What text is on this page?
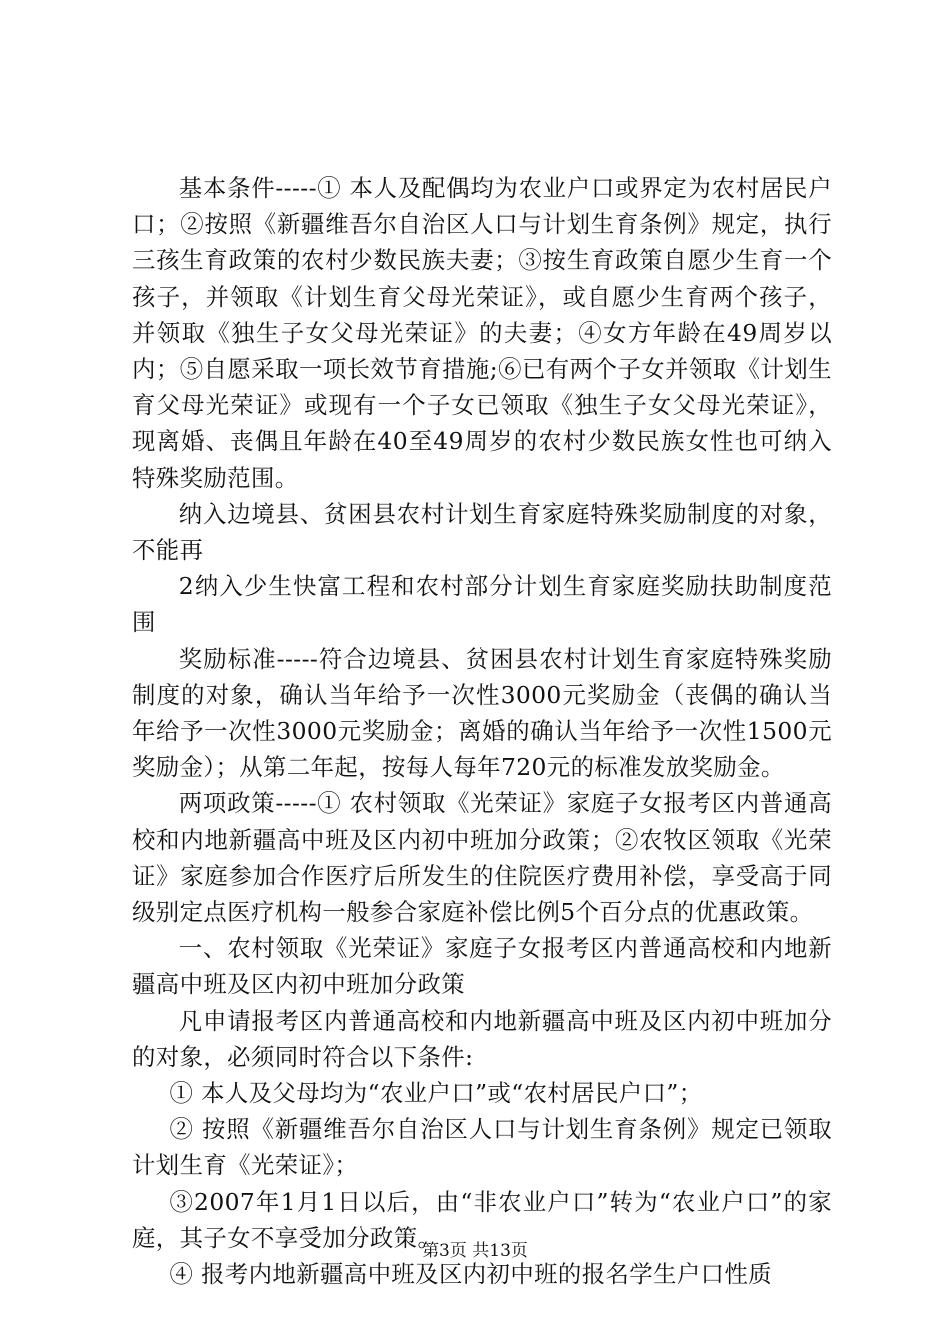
基本条件-----① 本人及配偶均为农业户口或界定为农村居民户口；②按照《新疆维吾尔自治区人口与计划生育条例》规定，执行三孩生育政策的农村少数民族夫妻；③按生育政策自愿少生育一个孩子，并领取《计划生育父母光荣证》，或自愿少生育两个孩子，并领取《独生子女父母光荣证》的夫妻；④女方年龄在49周岁以内；⑤自愿采取一项长效节育措施;⑥已有两个子女并领取《计划生育父母光荣证》或现有一个子女已领取《独生子女父母光荣证》，现离婚、丧偶且年龄在40至49周岁的农村少数民族女性也可纳入特殊奖励范围。

纳入边境县、贫困县农村计划生育家庭特殊奖励制度的对象，不能再

2纳入少生快富工程和农村部分计划生育家庭奖励扶助制度范围

奖励标准-----符合边境县、贫困县农村计划生育家庭特殊奖励制度的对象，确认当年给予一次性3000元奖励金（丧偶的确认当年给予一次性3000元奖励金；离婚的确认当年给予一次性1500元奖励金）；从第二年起，按每人每年720元的标准发放奖励金。

两项政策-----① 农村领取《光荣证》家庭子女报考区内普通高校和内地新疆高中班及区内初中班加分政策；②农牧区领取《光荣证》家庭参加合作医疗后所发生的住院医疗费用补偿，享受高于同级别定点医疗机构一般参合家庭补偿比例5个百分点的优惠政策。

一、农村领取《光荣证》家庭子女报考区内普通高校和内地新疆高中班及区内初中班加分政策

凡申请报考区内普通高校和内地新疆高中班及区内初中班加分的对象，必须同时符合以下条件:

① 本人及父母均为“农业户口”或“农村居民户口”；

② 按照《新疆维吾尔自治区人口与计划生育条例》规定已领取计划生育《光荣证》；

③2007年1月1日以后，由“非农业户口”转为“农业户口”的家庭，其子女不享受加分政策。

④ 报考内地新疆高中班及区内初中班的报名学生户口性质

第3页 共13页
